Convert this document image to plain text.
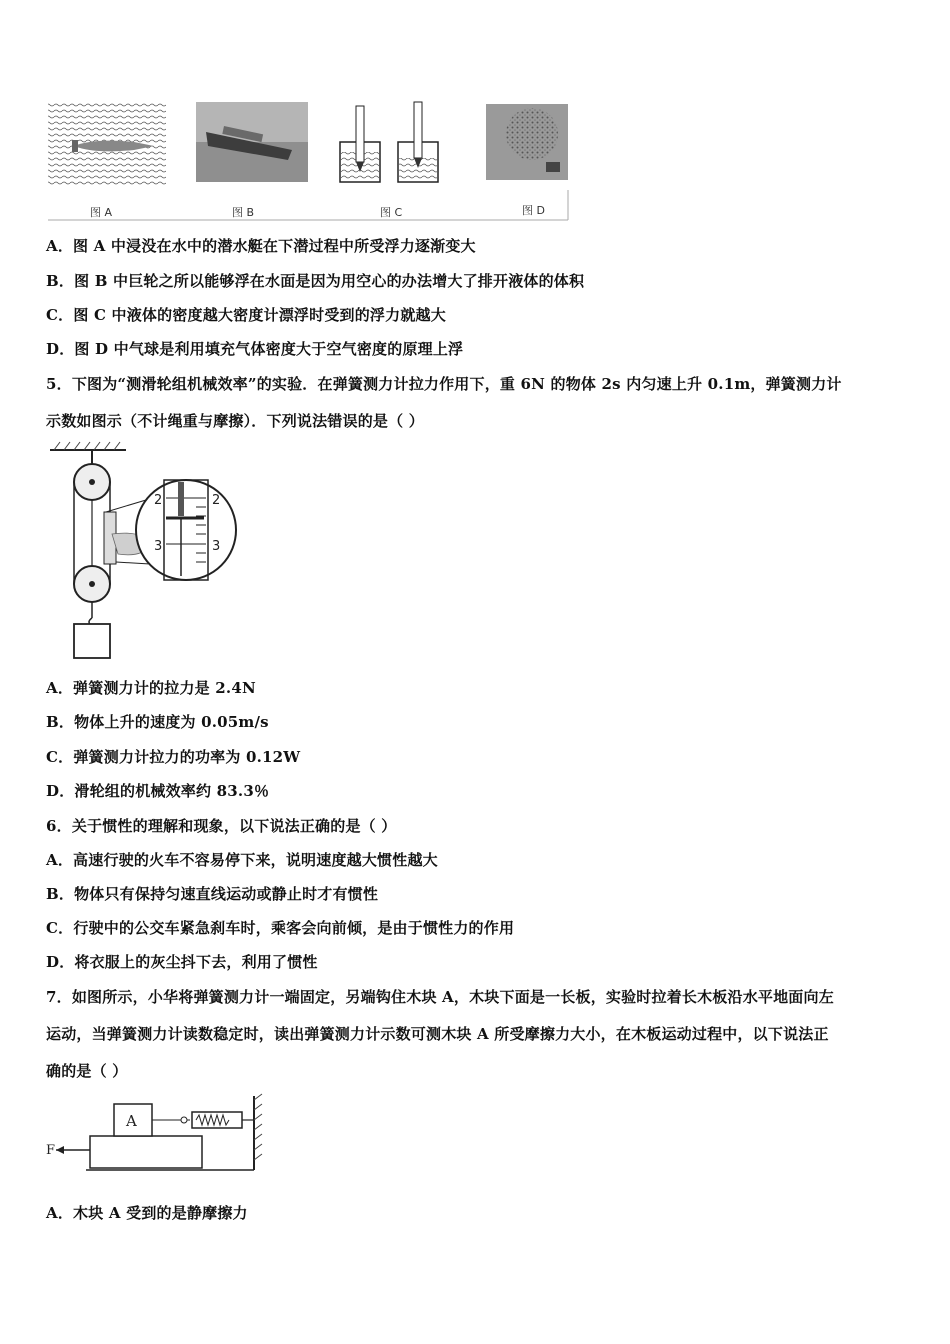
图 A	图 B	图 C	图 D
A．图 A 中浸没在水中的潜水艇在下潜过程中所受浮力逐渐变大
B．图 B 中巨轮之所以能够浮在水面是因为用空心的办法增大了排开液体的体积
C．图 C 中液体的密度越大密度计漂浮时受到的浮力就越大
D．图 D 中气球是利用填充气体密度大于空气密度的原理上浮
5．下图为“测滑轮组机械效率”的实验．在弹簧测力计拉力作用下，重 6N 的物体 2s 内匀速上升 0.1m，弹簧测力计
示数如图示（不计绳重与摩擦）．下列说法错误的是（ ）
2	2
3	3
A．弹簧测力计的拉力是 2.4N
B．物体上升的速度为 0.05m/s
C．弹簧测力计拉力的功率为 0.12W
D．滑轮组的机械效率约 83.3％
6．关于惯性的理解和现象，以下说法正确的是（ ）
A．高速行驶的火车不容易停下来，说明速度越大惯性越大
B．物体只有保持匀速直线运动或静止时才有惯性
C．行驶中的公交车紧急刹车时，乘客会向前倾，是由于惯性力的作用
D．将衣服上的灰尘抖下去，利用了惯性
7．如图所示，小华将弹簧测力计一端固定，另端钩住木块 A，木块下面是一长板，实验时拉着长木板沿水平地面向左
运动，当弹簧测力计读数稳定时，读出弹簧测力计示数可测木块 A 所受摩擦力大小，在木板运动过程中，以下说法正
确的是（ ）
A
F
A．木块 A 受到的是静摩擦力
